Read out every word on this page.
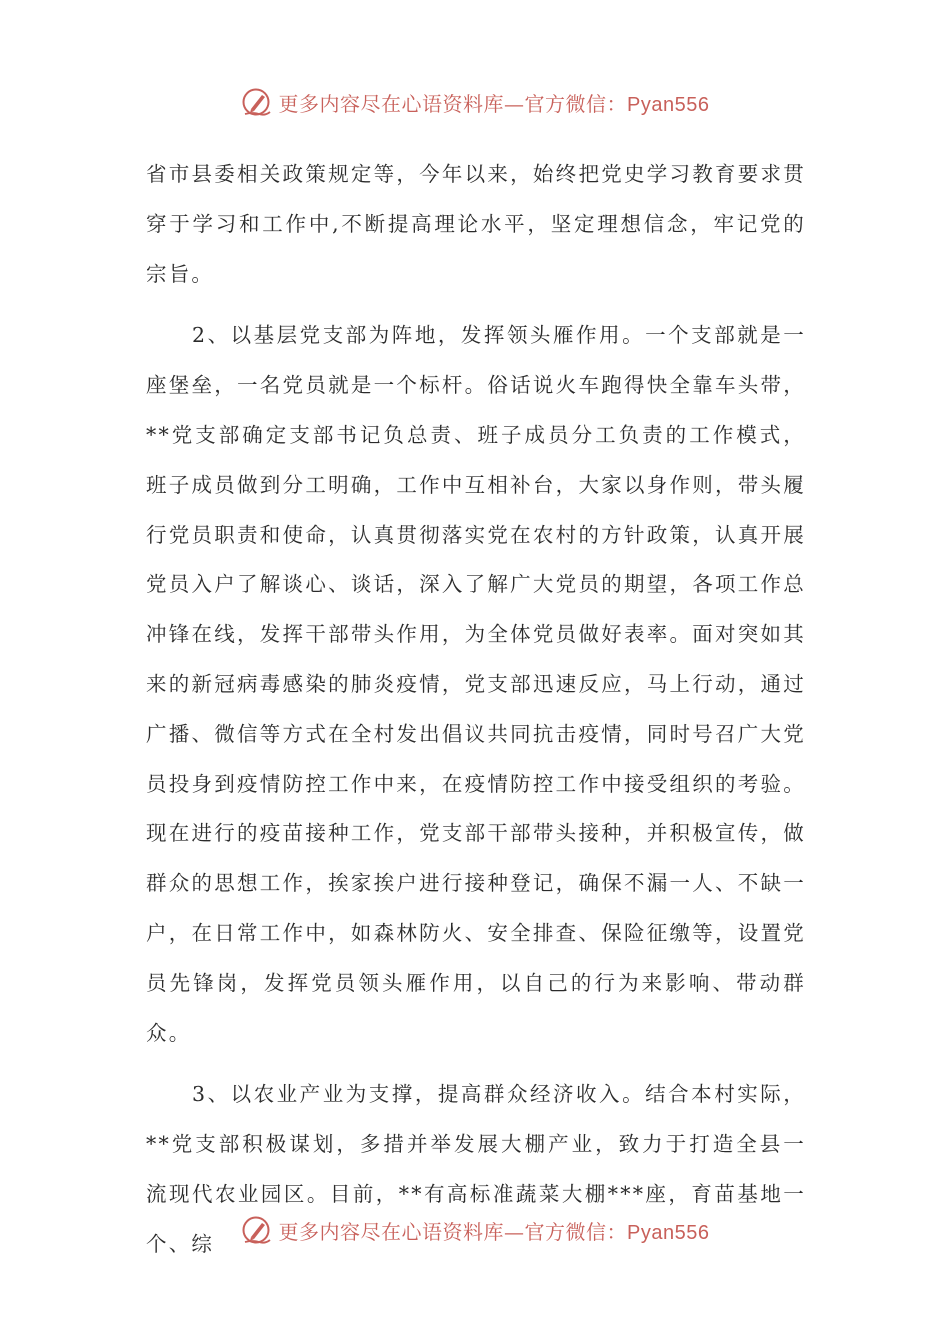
更多内容尽在心语资料库—官方微信：Pyan556

省市县委相关政策规定等，今年以来，始终把党史学习教育要求贯穿于学习和工作中,不断提高理论水平，坚定理想信念，牢记党的宗旨。

2、以基层党支部为阵地，发挥领头雁作用。一个支部就是一座堡垒，一名党员就是一个标杆。俗话说火车跑得快全靠车头带，**党支部确定支部书记负总责、班子成员分工负责的工作模式，班子成员做到分工明确，工作中互相补台，大家以身作则，带头履行党员职责和使命，认真贯彻落实党在农村的方针政策，认真开展党员入户了解谈心、谈话，深入了解广大党员的期望，各项工作总冲锋在线，发挥干部带头作用，为全体党员做好表率。面对突如其来的新冠病毒感染的肺炎疫情，党支部迅速反应，马上行动，通过广播、微信等方式在全村发出倡议共同抗击疫情，同时号召广大党员投身到疫情防控工作中来，在疫情防控工作中接受组织的考验。现在进行的疫苗接种工作，党支部干部带头接种，并积极宣传，做群众的思想工作，挨家挨户进行接种登记，确保不漏一人、不缺一户，在日常工作中，如森林防火、安全排查、保险征缴等，设置党员先锋岗，发挥党员领头雁作用，以自己的行为来影响、带动群众。

3、以农业产业为支撑，提高群众经济收入。结合本村实际，**党支部积极谋划，多措并举发展大棚产业，致力于打造全县一流现代农业园区。目前，**有高标准蔬菜大棚***座，育苗基地一个、综

更多内容尽在心语资料库—官方微信：Pyan556
